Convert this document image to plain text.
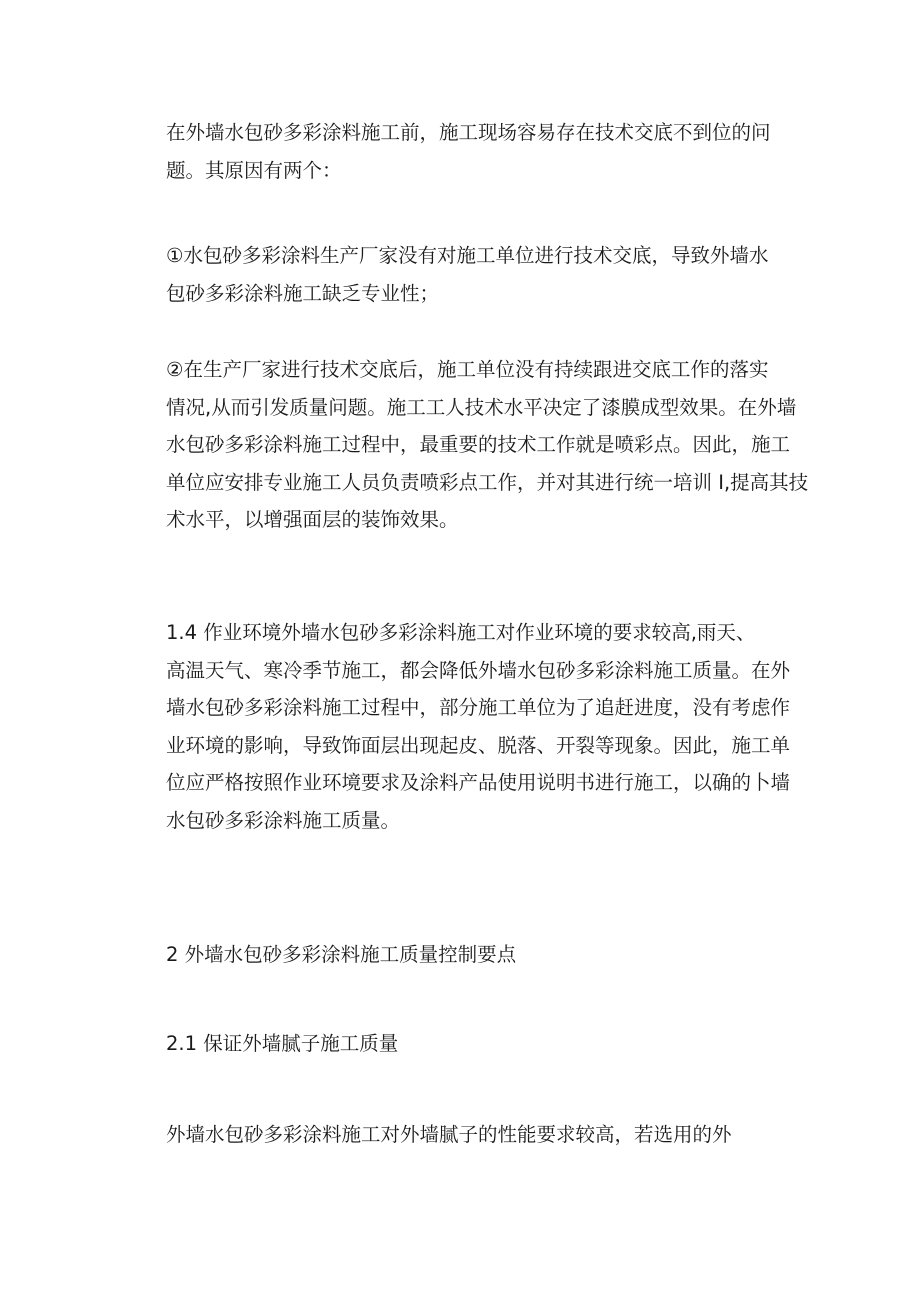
在外墙水包砂多彩涂料施工前，施工现场容易存在技术交底不到位的问
题。其原因有两个：
①水包砂多彩涂料生产厂家没有对施工单位进行技术交底，导致外墙水
包砂多彩涂料施工缺乏专业性；
②在生产厂家进行技术交底后，施工单位没有持续跟进交底工作的落实
情况,从而引发质量问题。施工工人技术水平决定了漆膜成型效果。在外墙
水包砂多彩涂料施工过程中，最重要的技术工作就是喷彩点。因此，施工
单位应安排专业施工人员负责喷彩点工作，并对其进行统一培训 I,提高其技
术水平，以增强面层的装饰效果。
1.4 作业环境外墙水包砂多彩涂料施工对作业环境的要求较高,雨天、
高温天气、寒冷季节施工，都会降低外墙水包砂多彩涂料施工质量。在外
墙水包砂多彩涂料施工过程中，部分施工单位为了追赶进度，没有考虑作
业环境的影响，导致饰面层出现起皮、脱落、开裂等现象。因此，施工单
位应严格按照作业环境要求及涂料产品使用说明书进行施工，以确的卜墙
水包砂多彩涂料施工质量。
2 外墙水包砂多彩涂料施工质量控制要点
2.1 保证外墙腻子施工质量
外墙水包砂多彩涂料施工对外墙腻子的性能要求较高，若选用的外
